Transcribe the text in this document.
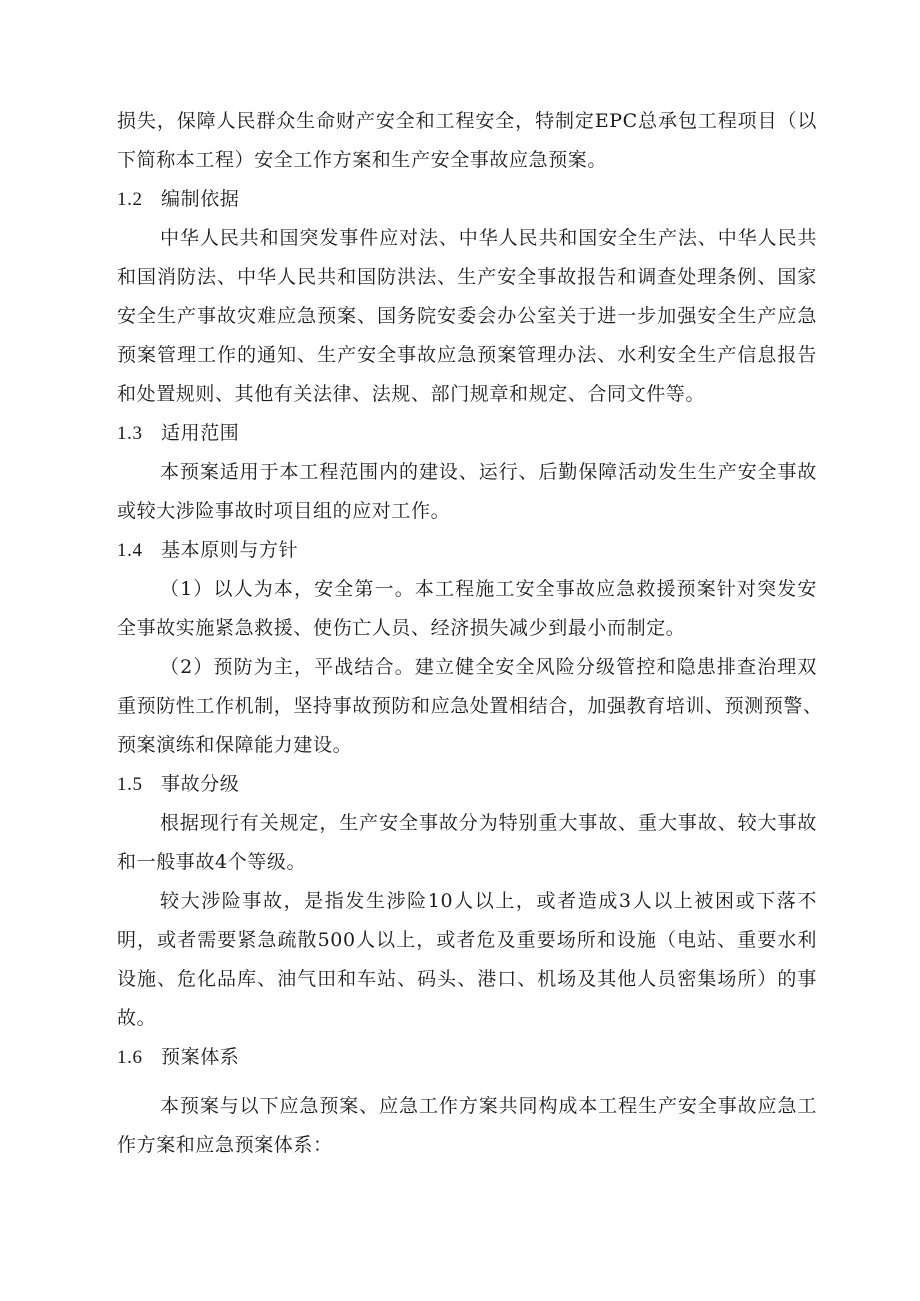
损失，保障人民群众生命财产安全和工程安全，特制定EPC总承包工程项目（以
下简称本工程）安全工作方案和生产安全事故应急预案。
1.2 编制依据
中华人民共和国突发事件应对法、中华人民共和国安全生产法、中华人民共
和国消防法、中华人民共和国防洪法、生产安全事故报告和调查处理条例、国家
安全生产事故灾难应急预案、国务院安委会办公室关于进一步加强安全生产应急
预案管理工作的通知、生产安全事故应急预案管理办法、水利安全生产信息报告
和处置规则、其他有关法律、法规、部门规章和规定、合同文件等。
1.3 适用范围
本预案适用于本工程范围内的建设、运行、后勤保障活动发生生产安全事故
或较大涉险事故时项目组的应对工作。
1.4 基本原则与方针
（1）以人为本，安全第一。本工程施工安全事故应急救援预案针对突发安
全事故实施紧急救援、使伤亡人员、经济损失减少到最小而制定。
（2）预防为主，平战结合。建立健全安全风险分级管控和隐患排查治理双
重预防性工作机制，坚持事故预防和应急处置相结合，加强教育培训、预测预警、
预案演练和保障能力建设。
1.5 事故分级
根据现行有关规定，生产安全事故分为特别重大事故、重大事故、较大事故
和一般事故4个等级。
较大涉险事故，是指发生涉险10人以上，或者造成3人以上被困或下落不
明，或者需要紧急疏散500人以上，或者危及重要场所和设施（电站、重要水利
设施、危化品库、油气田和车站、码头、港口、机场及其他人员密集场所）的事
故。
1.6 预案体系
本预案与以下应急预案、应急工作方案共同构成本工程生产安全事故应急工
作方案和应急预案体系：
